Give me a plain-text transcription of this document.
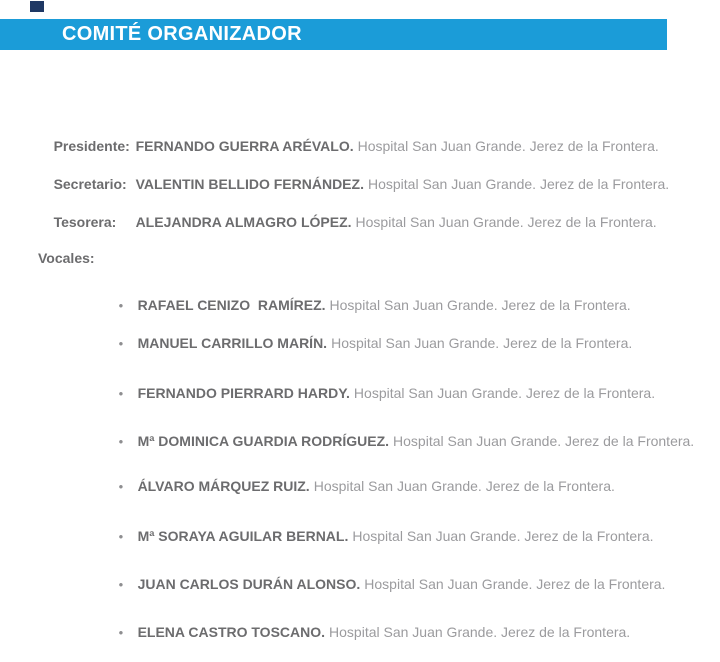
COMITÉ ORGANIZADOR

Presidente: FERNANDO GUERRA ARÉVALO. Hospital San Juan Grande. Jerez de la Frontera.

Secretario: VALENTIN BELLIDO FERNÁNDEZ. Hospital San Juan Grande. Jerez de la Frontera.

Tesorera: ALEJANDRA ALMAGRO LÓPEZ. Hospital San Juan Grande. Jerez de la Frontera.

Vocales:

• RAFAEL CENIZO  RAMÍREZ. Hospital San Juan Grande. Jerez de la Frontera.

• MANUEL CARRILLO MARÍN. Hospital San Juan Grande. Jerez de la Frontera.

• FERNANDO PIERRARD HARDY. Hospital San Juan Grande. Jerez de la Frontera.

• Mª DOMINICA GUARDIA RODRÍGUEZ. Hospital San Juan Grande. Jerez de la Frontera.

• ÁLVARO MÁRQUEZ RUIZ. Hospital San Juan Grande. Jerez de la Frontera.

• Mª SORAYA AGUILAR BERNAL. Hospital San Juan Grande. Jerez de la Frontera.

• JUAN CARLOS DURÁN ALONSO. Hospital San Juan Grande. Jerez de la Frontera.

• ELENA CASTRO TOSCANO. Hospital San Juan Grande. Jerez de la Frontera.
